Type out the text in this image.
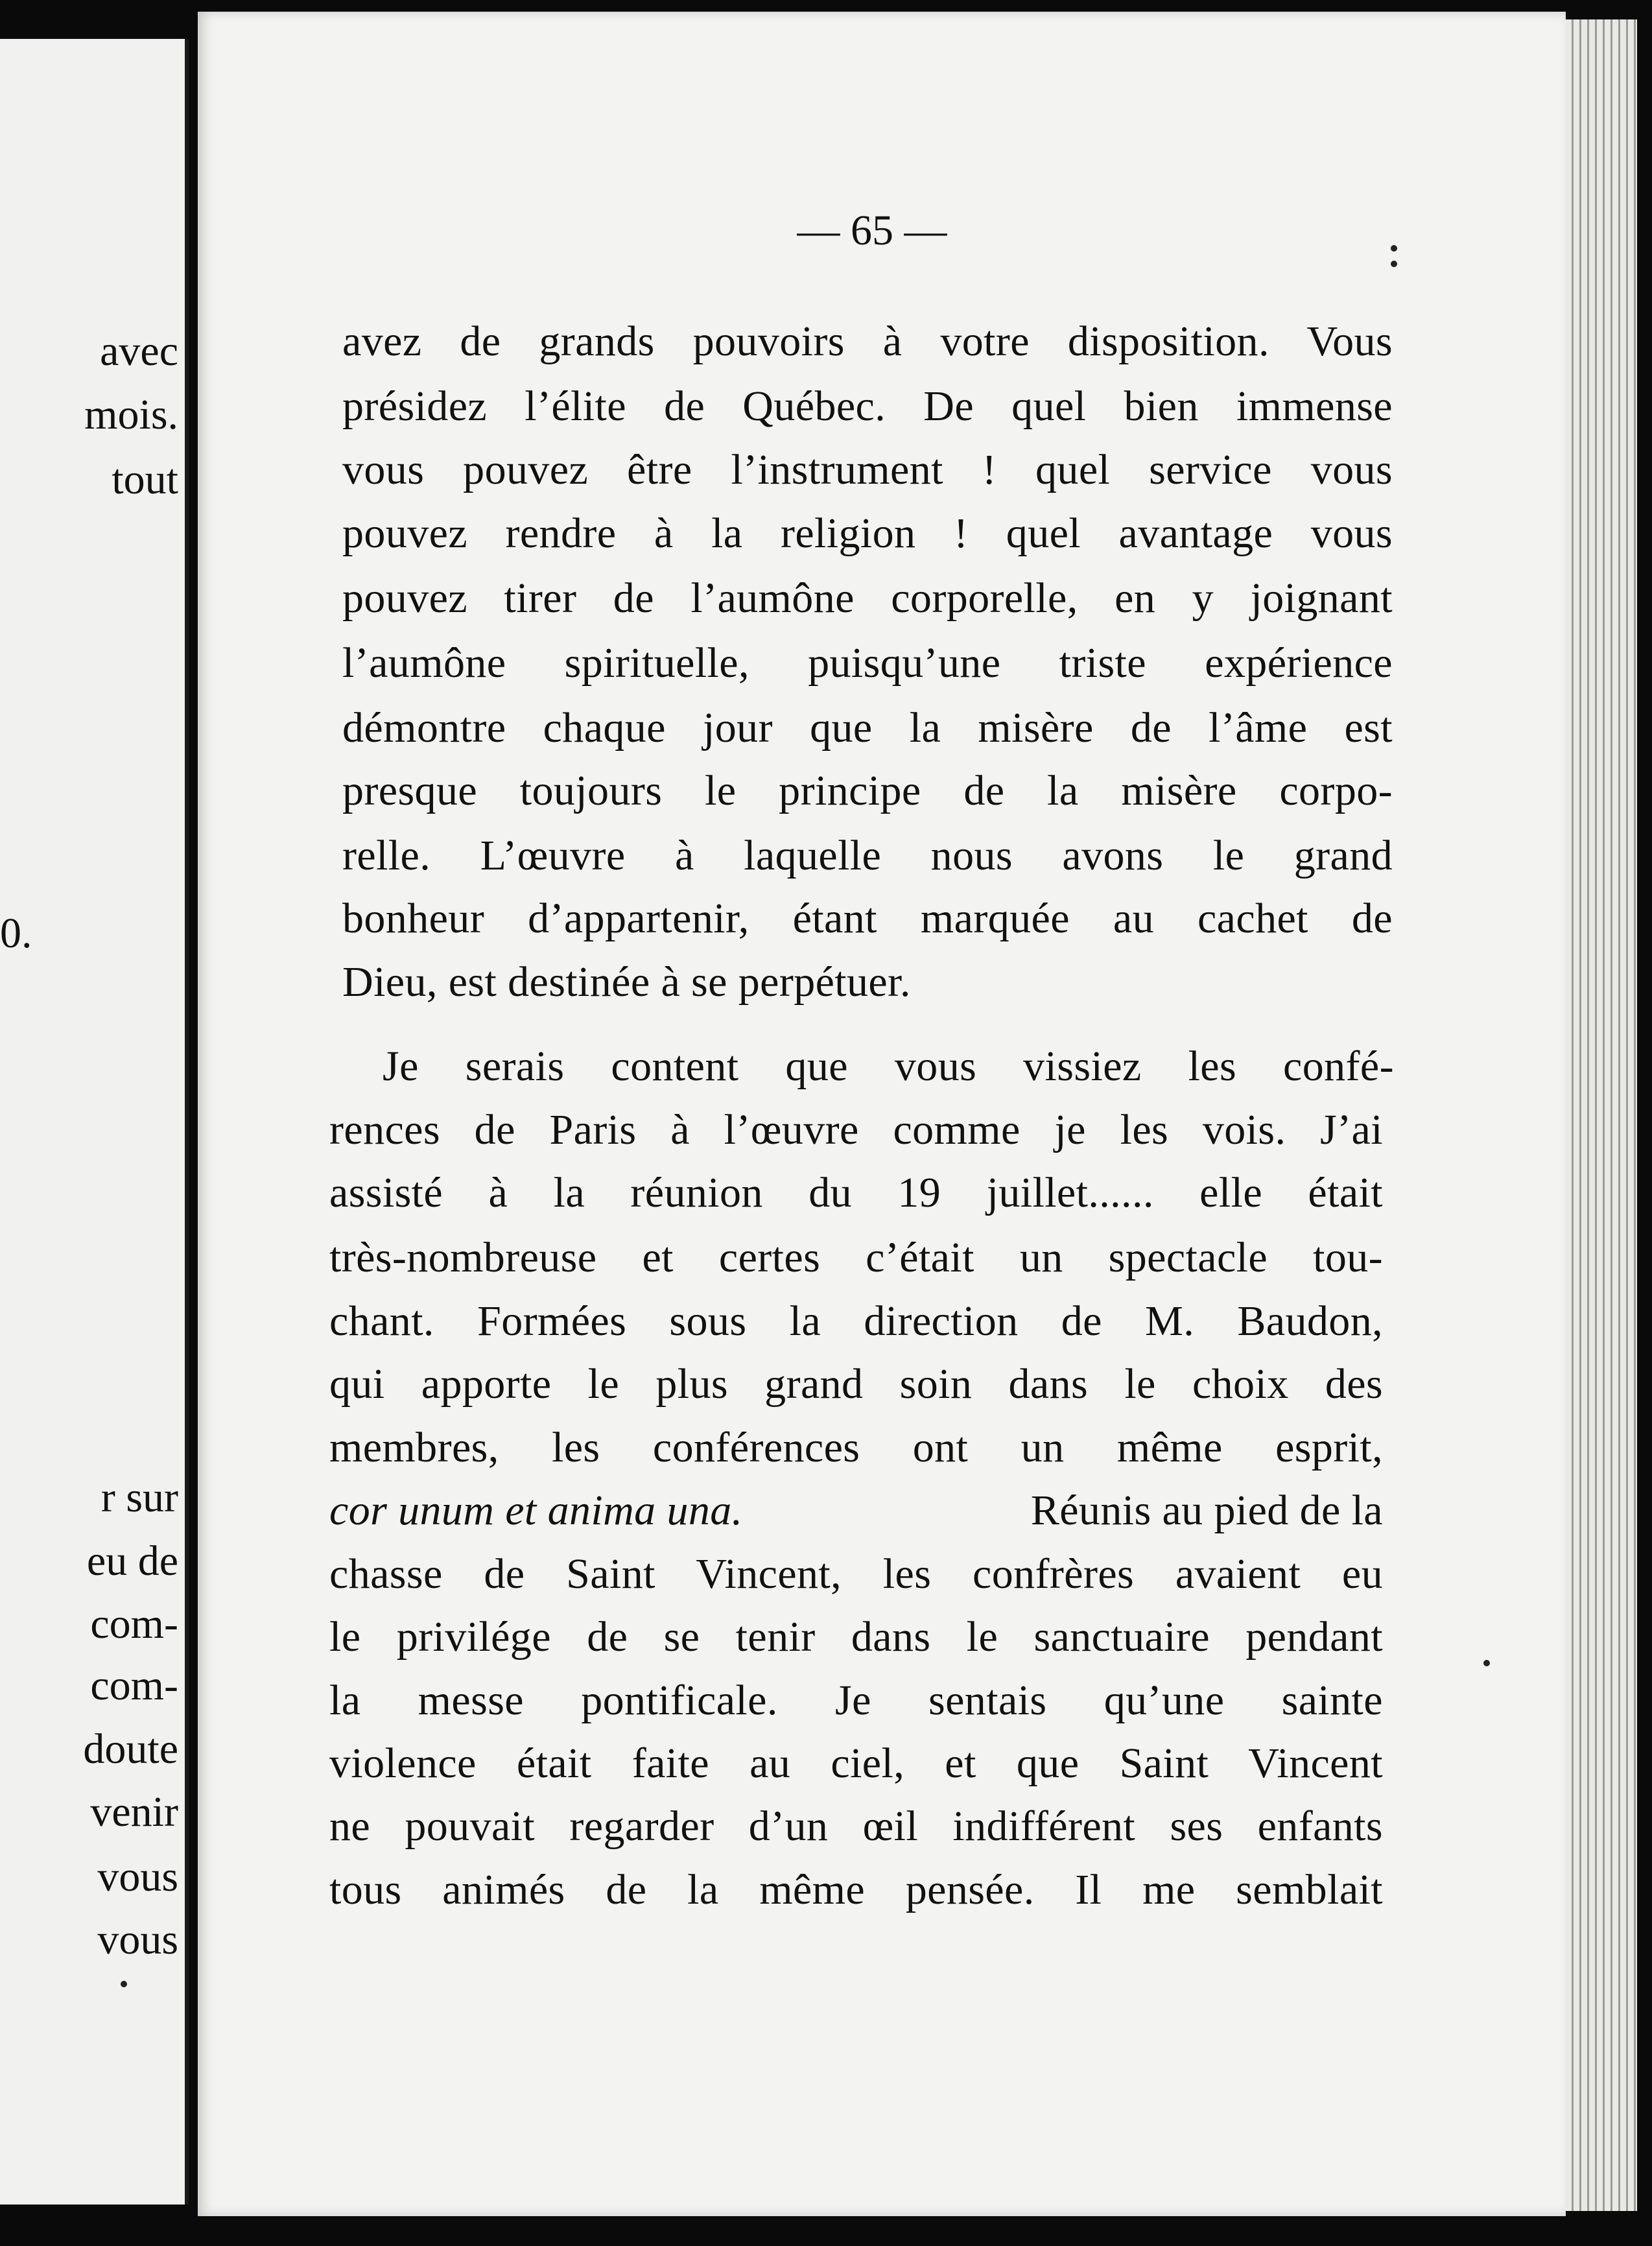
avec
mois.
tout
0.
r sur
eu de
com-
com-
doute
venir
vous
vous
— 65 —
avez de grands pouvoirs à votre disposition. Vous
présidez l’élite de Québec. De quel bien immense
vous pouvez être l’instrument ! quel service vous
pouvez rendre à la religion ! quel avantage vous
pouvez tirer de l’aumône corporelle, en y joignant
l’aumône spirituelle, puisqu’une triste expérience
démontre chaque jour que la misère de l’âme est
presque toujours le principe de la misère corpo-
relle. L’œuvre à laquelle nous avons le grand
bonheur d’appartenir, étant marquée au cachet de
Dieu, est destinée à se perpétuer.
Je serais content que vous vissiez les confé-
rences de Paris à l’œuvre comme je les vois. J’ai
assisté à la réunion du 19 juillet...... elle était
très-nombreuse et certes c’était un spectacle tou-
chant. Formées sous la direction de M. Baudon,
qui apporte le plus grand soin dans le choix des
membres, les conférences ont un même esprit,
cor unum et anima una.	Réunis au pied de la
chasse de Saint Vincent, les confrères avaient eu
le privilége de se tenir dans le sanctuaire pendant
la messe pontificale. Je sentais qu’une sainte
violence était faite au ciel, et que Saint Vincent
ne pouvait regarder d’un œil indifférent ses enfants
tous animés de la même pensée. Il me semblait
